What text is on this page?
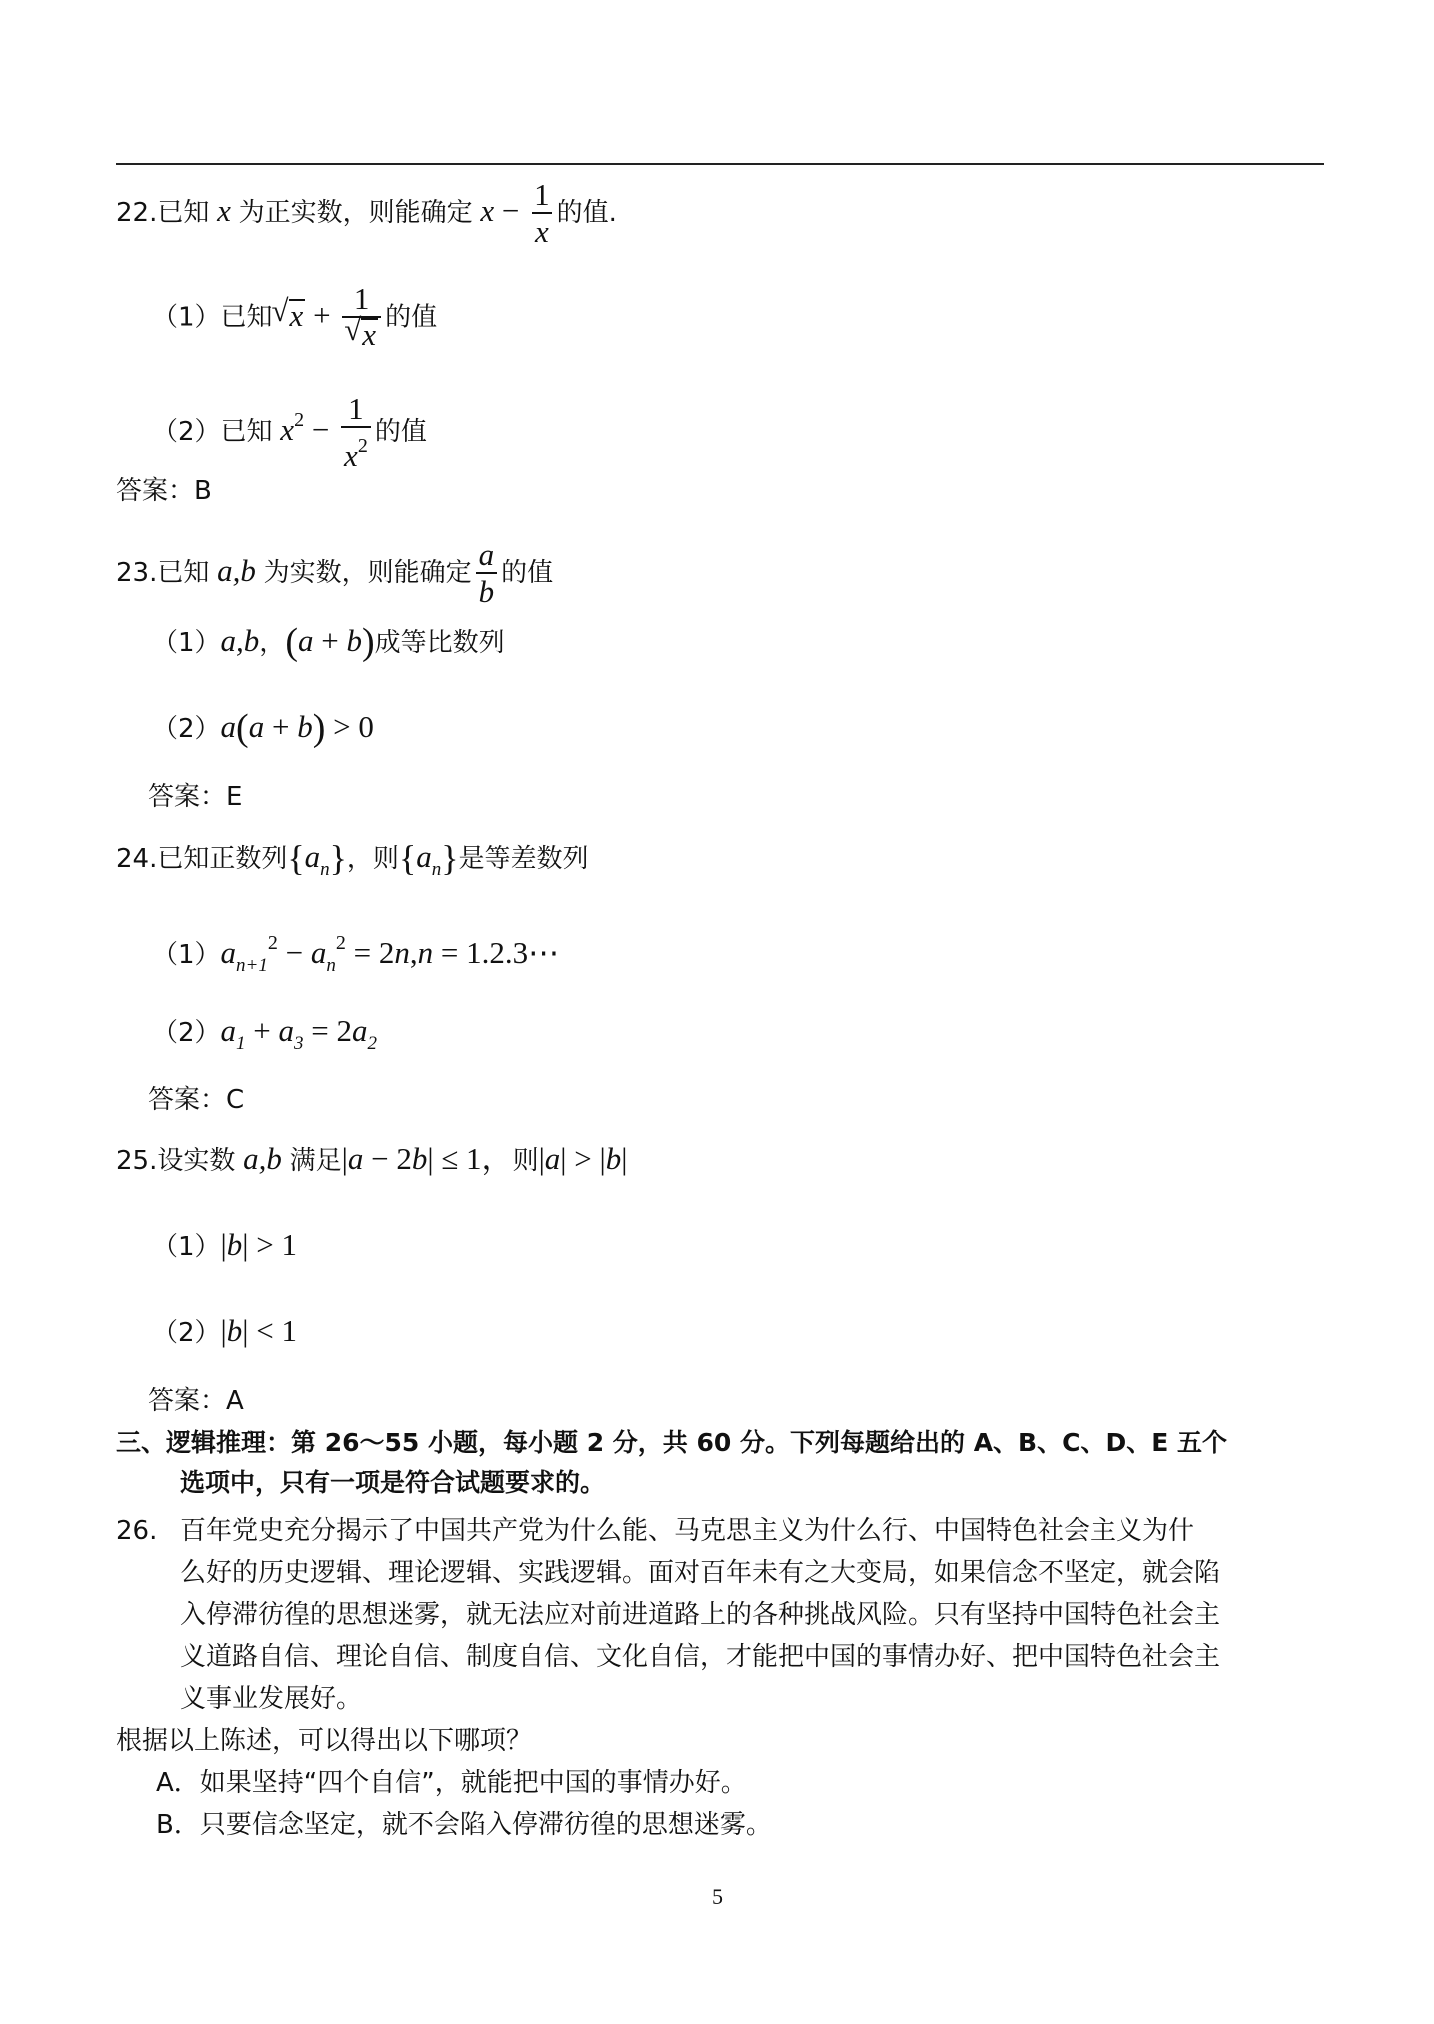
22.已知 x 为正实数，则能确定 $x - \frac{1}{x}$ 的值.
（1）已知√ x + 1
√ x 的值
（2）已知 $x^2 - \frac{1}{x^2}$ 的值
答案：B
23.已知 a,b 为实数，则能确定 $\frac{a}{b}$ 的值
（1）a,b，(a + b)成等比数列
（2）a(a + b) > 0
答案：E
24.已知正数列$\{a_n\}$，则$\{a_n\}$是等差数列
$(1)a_{n+1}^2 - a_n^2 = 2n,n$ = 1.2.3⋯
$(2)a_1 + a_3 = 2a_2$
答案：C
25.设实数 a,b 满足|a − 2b| ≤ 1，则|a| > |b|
（1）|b| > 1
（2）|b| < 1
答案：A
三、逻辑推理：第 26～55 小题，每小题 2 分，共 60 分。下列每题给出的 A、B、C、D、E 五个
选项中，只有一项是符合试题要求的。
26. 百年党史充分揭示了中国共产党为什么能、马克思主义为什么行、中国特色社会主义为什
么好的历史逻辑、理论逻辑、实践逻辑。面对百年未有之大变局，如果信念不坚定，就会陷
入停滞彷徨的思想迷雾，就无法应对前进道路上的各种挑战风险。只有坚持中国特色社会主
义道路自信、理论自信、制度自信、文化自信，才能把中国的事情办好、把中国特色社会主
义事业发展好。
根据以上陈述，可以得出以下哪项？
A．如果坚持“四个自信”，就能把中国的事情办好。
B．只要信念坚定，就不会陷入停滞彷徨的思想迷雾。
5
